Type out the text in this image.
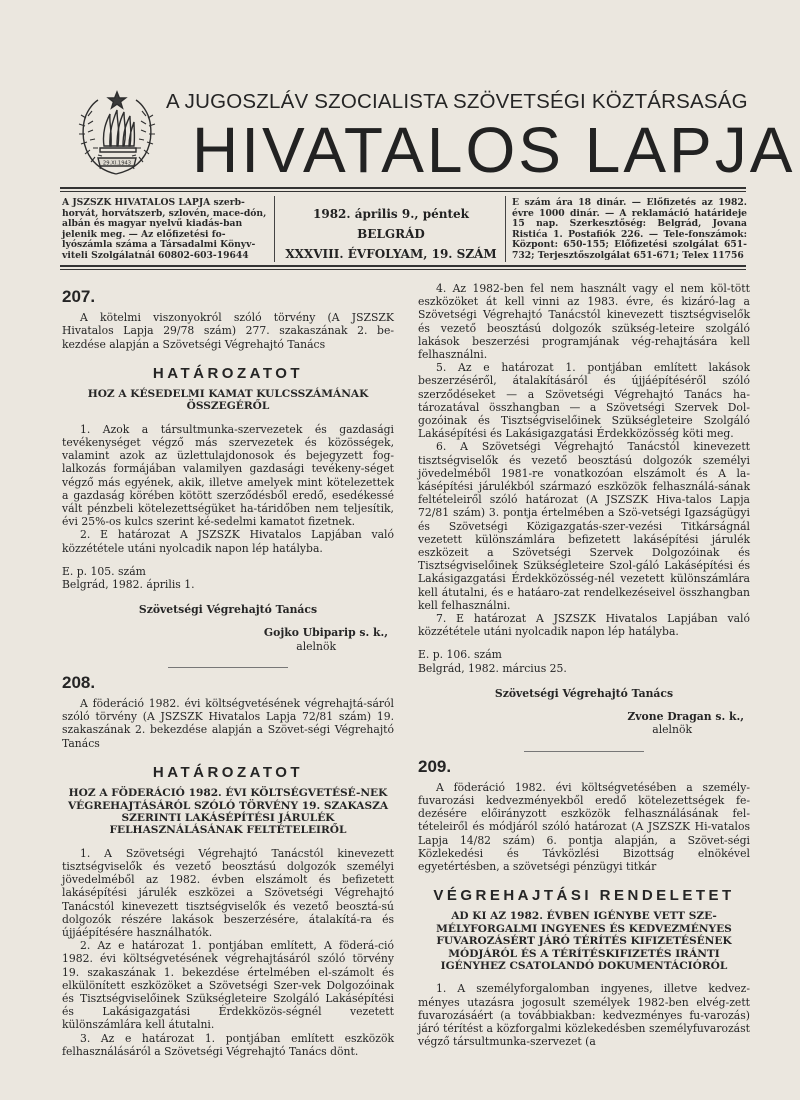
29.XI.1943
A JUGOSZLÁV SZOCIALISTA SZÖVETSÉGI KÖZTÁRSASÁG
HIVATALOS LAPJA
A JSZSZK HIVATALOS LAPJA szerb-horvát, horvátszerb, szlovén, mace-dón, albán és magyar nyelvű kiadás-ban jelenik meg. — Az előfizetési fo-lyószámla száma a Társadalmi Könyv-viteli Szolgálatnál 60802-603-19644
1982. április 9., péntek
BELGRÁD
XXXVIII. ÉVFOLYAM, 19. SZÁM
E szám ára 18 dinár. — Előfizetés az 1982. évre 1000 dinár. — A reklamáció határideje 15 nap. Szerkesztőség: Belgrád, Jovana Ristića 1. Postafiók 226. — Tele-fonszámok: Központ: 650-155; Előfizetési szolgálat 651-732; Terjesztőszolgálat 651-671; Telex 11756
207.

A kötelmi viszonyokról szóló törvény (A JSZSZK Hivatalos Lapja 29/78 szám) 277. szakaszának 2. be-kezdése alapján a Szövetségi Végrehajtó Tanács

HATÁROZATOT
HOZ A KÉSEDELMI KAMAT KULCSSZÁMÁNAK ÖSSZEGÉRŐL

1. Azok a társultmunka-szervezetek és gazdasági tevékenységet végző más szervezetek és közösségek, valamint azok az üzlettulajdonosok és bejegyzett fog-lalkozás formájában valamilyen gazdasági tevékeny-séget végző más egyének, akik, illetve amelyek mint kötelezettek a gazdaság körében kötött szerződésből eredő, esedékessé vált pénzbeli kötelezettségüket ha-táridőben nem teljesítik, évi 25%-os kulcs szerint ké-sedelmi kamatot fizetnek.

2. E határozat A JSZSZK Hivatalos Lapjában való közzététele utáni nyolcadik napon lép hatályba.

E. p. 105. szám
Belgrád, 1982. április 1.
Szövetségi Végrehajtó Tanács
Gojko Ubiparip s. k.,
alelnök
208.

A föderáció 1982. évi költségvetésének végrehajtá-sáról szóló törvény (A JSZSZK Hivatalos Lapja 72/81 szám) 19. szakaszának 2. bekezdése alapján a Szövet-ségi Végrehajtó Tanács

HATÁROZATOT
HOZ A FÖDERÁCIÓ 1982. ÉVI KÖLTSÉGVETÉSÉ-NEK VÉGREHAJTÁSÁRÓL SZÓLÓ TÖRVÉNY 19. SZAKASZA SZERINTI LAKÁSÉPÍTÉSI JÁRULÉK FELHASZNÁLÁSÁNAK FELTÉTELEIRŐL

1. A Szövetségi Végrehajtó Tanácstól kinevezett tisztségviselők és vezető beosztású dolgozók személyi jövedelméből az 1982. évben elszámolt és befizetett lakásépítési járulék eszközei a Szövetségi Végrehajtó Tanácstól kinevezett tisztségviselők és vezető beosztá-sú dolgozók részére lakások beszerzésére, átalakítá-ra és újjáépítésére használhatók.

2. Az e határozat 1. pontjában említett, A föderá-ció 1982. évi költségvetésének végrehajtásáról szóló törvény 19. szakaszának 1. bekezdése értelmében el-számolt és elkülönített eszközöket a Szövetségi Szer-vek Dolgozóinak és Tisztségviselőinek Szükségleteire Szolgáló Lakásépítési és Lakásigazgatási Érdekközös-ségnél vezetett különszámlára kell átutalni.

3. Az e határozat 1. pontjában említett eszközök felhasználásáról a Szövetségi Végrehajtó Tanács dönt.

4. Az 1982-ben fel nem használt vagy el nem köl-tött eszközöket át kell vinni az 1983. évre, és kizáró-lag a Szövetségi Végrehajtó Tanácstól kinevezett tisztségviselők és vezető beosztású dolgozók szükség-leteire szolgáló lakások beszerzési programjának vég-rehajtására kell felhasználni.

5. Az e határozat 1. pontjában említett lakások beszerzéséről, átalakításáról és újjáépítéséről szóló szerződéseket — a Szövetségi Végrehajtó Tanács ha-tározatával összhangban — a Szövetségi Szervek Dol-gozóinak és Tisztségviselőinek Szükségleteire Szolgáló Lakásépítési és Lakásigazgatási Érdekközösség köti meg.

6. A Szövetségi Végrehajtó Tanácstól kinevezett tisztségviselők és vezető beosztású dolgozók személyi jövedelméből 1981-re vonatkozóan elszámolt és A la-kásépítési járulékból származó eszközök felhasználá-sának feltételeiről szóló határozat (A JSZSZK Hiva-talos Lapja 72/81 szám) 3. pontja értelmében a Szö-vetségi Igazságügyi és Szövetségi Közigazgatás-szer-vezési Titkárságnál vezetett különszámlára befizetett lakásépítési járulék eszközeit a Szövetségi Szervek Dolgozóinak és Tisztségviselőinek Szükségleteire Szol-gáló Lakásépítési és Lakásigazgatási Érdekközösség-nél vezetett különszámlára kell átutalni, és e hatáaro-zat rendelkezéseivel összhangban kell felhasználni.

7. E határozat A JSZSZK Hivatalos Lapjában való közzététele utáni nyolcadik napon lép hatályba.

E. p. 106. szám
Belgrád, 1982. március 25.
Szövetségi Végrehajtó Tanács
Zvone Dragan s. k.,
alelnök
209.

A föderáció 1982. évi költségvetésében a személy-fuvarozási kedvezményekből eredő kötelezettségek fe-dezésére előirányzott eszközök felhasználásának fel-tételeiről és módjáról szóló határozat (A JSZSZK Hi-vatalos Lapja 14/82 szám) 6. pontja alapján, a Szövet-ségi Közlekedési és Távközlési Bizottság elnökével egyetértésben, a szövetségi pénzügyi titkár

VÉGREHAJTÁSI RENDELETET
AD KI AZ 1982. ÉVBEN IGÉNYBE VETT SZE-MÉLYFORGALMI INGYENES ÉS KEDVEZMÉNYES FUVAROZÁSÉRT JÁRÓ TÉRÍTÉS KIFIZETÉSÉNEK MÓDJÁRÓL ÉS A TÉRÍTÉSKIFIZETÉS IRÁNTI IGÉNYHEZ CSATOLANDÓ DOKUMENTÁCIÓRÓL

1. A személyforgalomban ingyenes, illetve kedvez-ményes utazásra jogosult személyek 1982-ben elvég-zett fuvarozásáért (a továbbiakban: kedvezményes fu-varozás) járó térítést a közforgalmi közlekedésben személyfuvarozást végző társultmunka-szervezet (a
